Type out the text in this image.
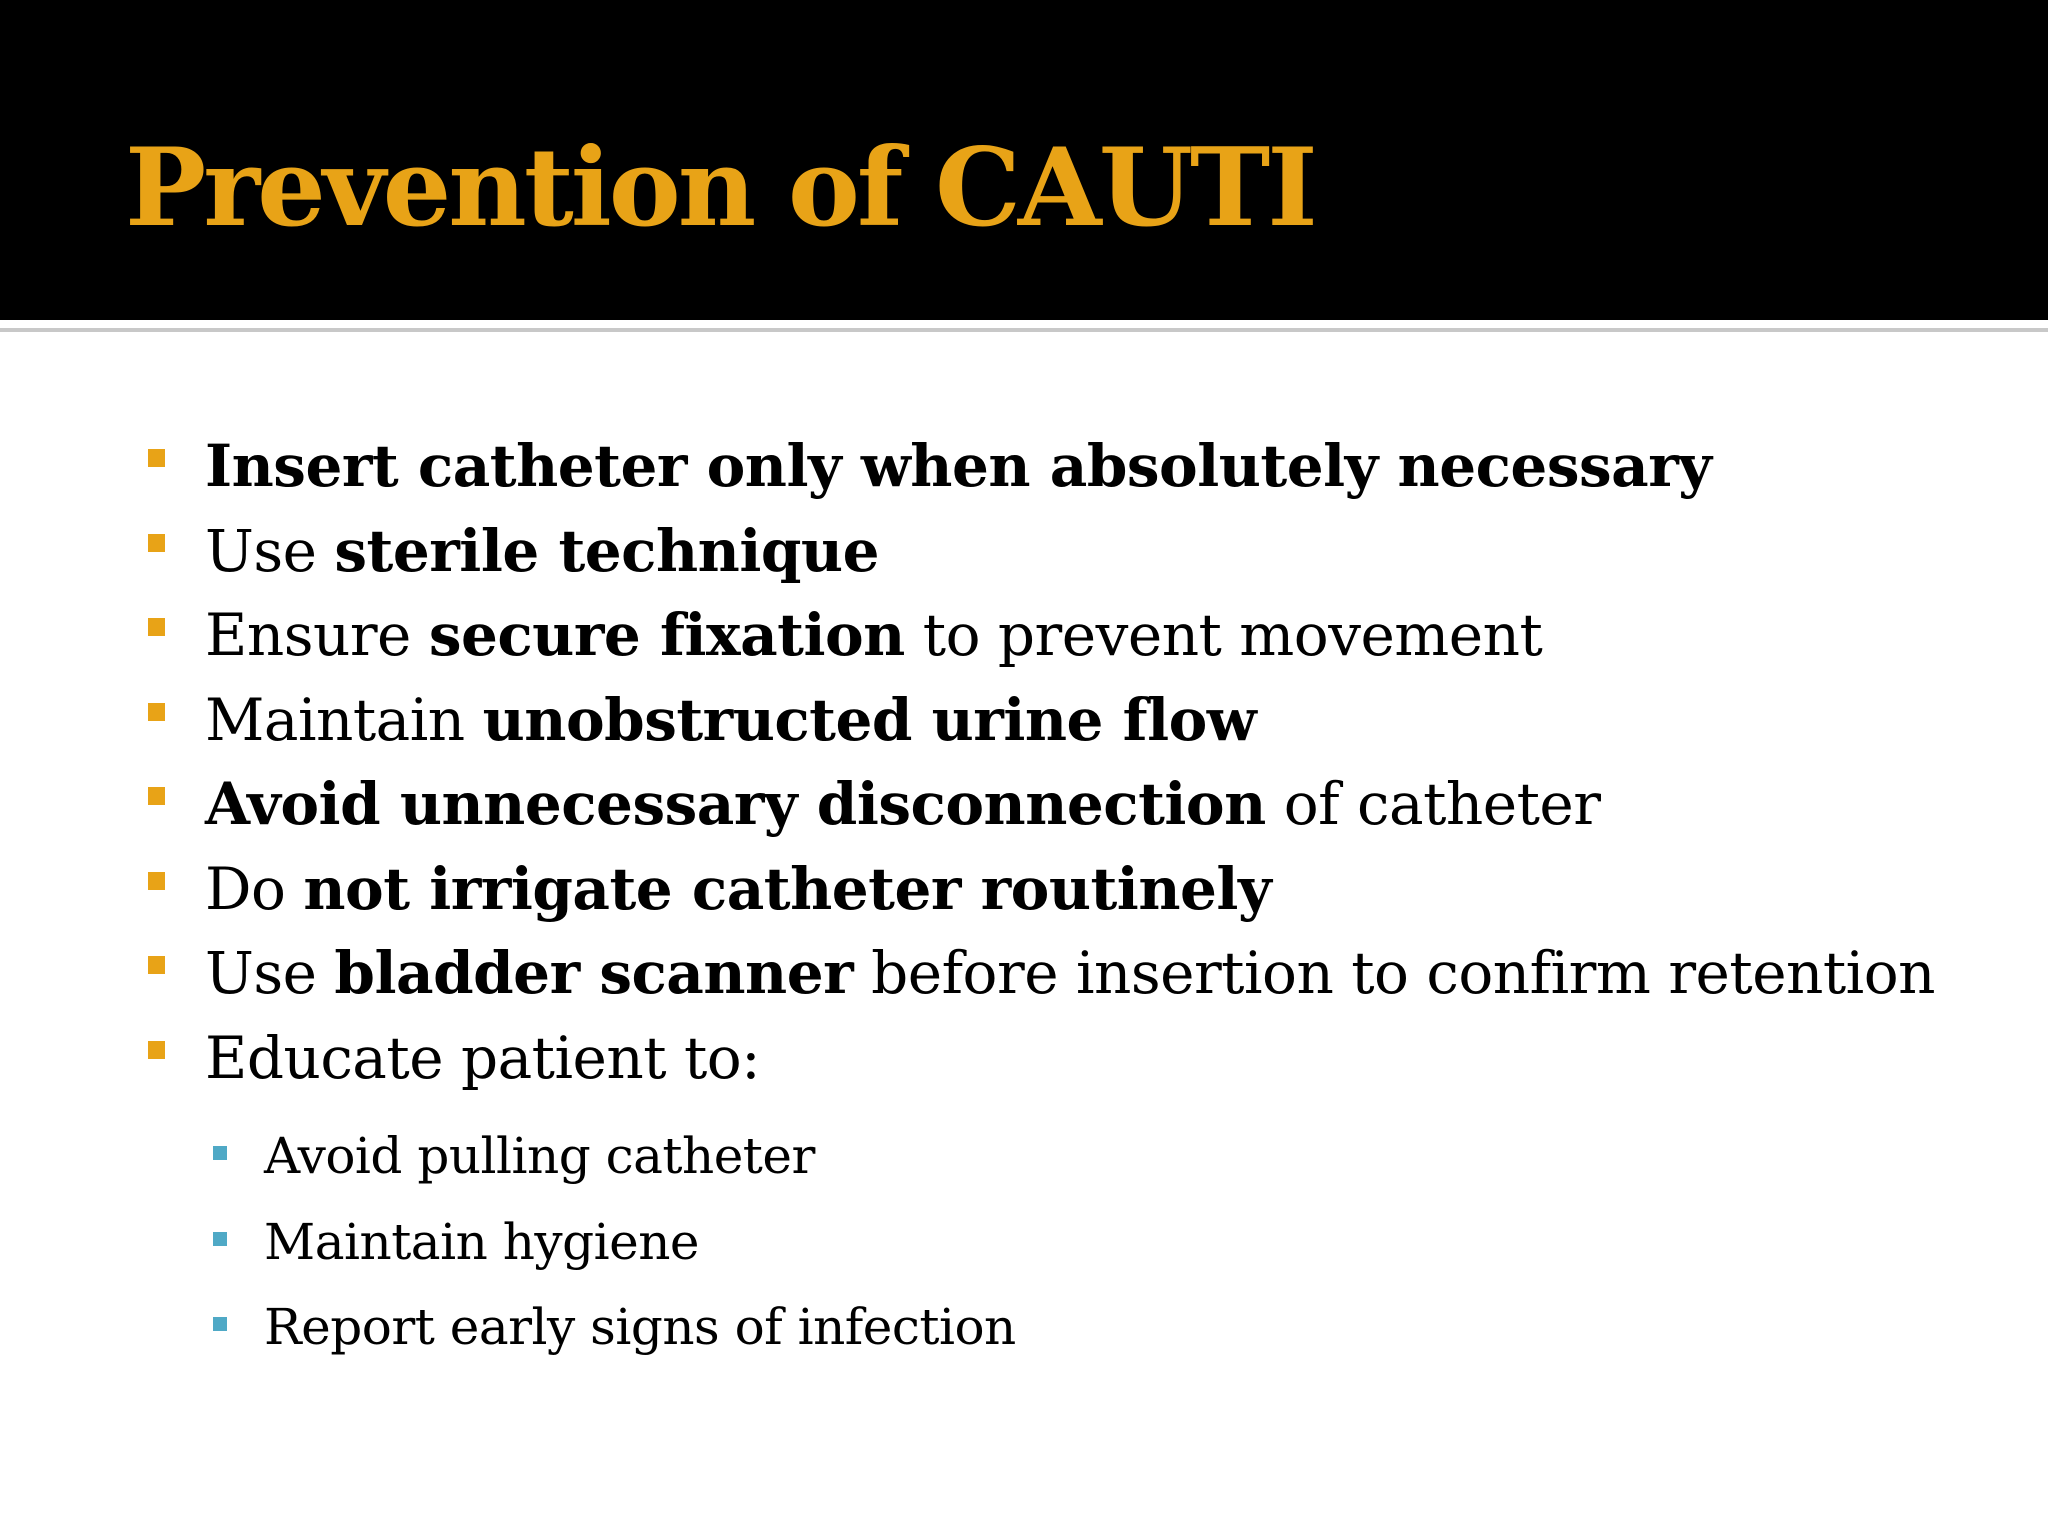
Prevention of CAUTI
Insert catheter only when absolutely necessary
Use sterile technique
Ensure secure fixation to prevent movement
Maintain unobstructed urine flow
Avoid unnecessary disconnection of catheter
Do not irrigate catheter routinely
Use bladder scanner before insertion to confirm retention
Educate patient to:
Avoid pulling catheter
Maintain hygiene
Report early signs of infection
